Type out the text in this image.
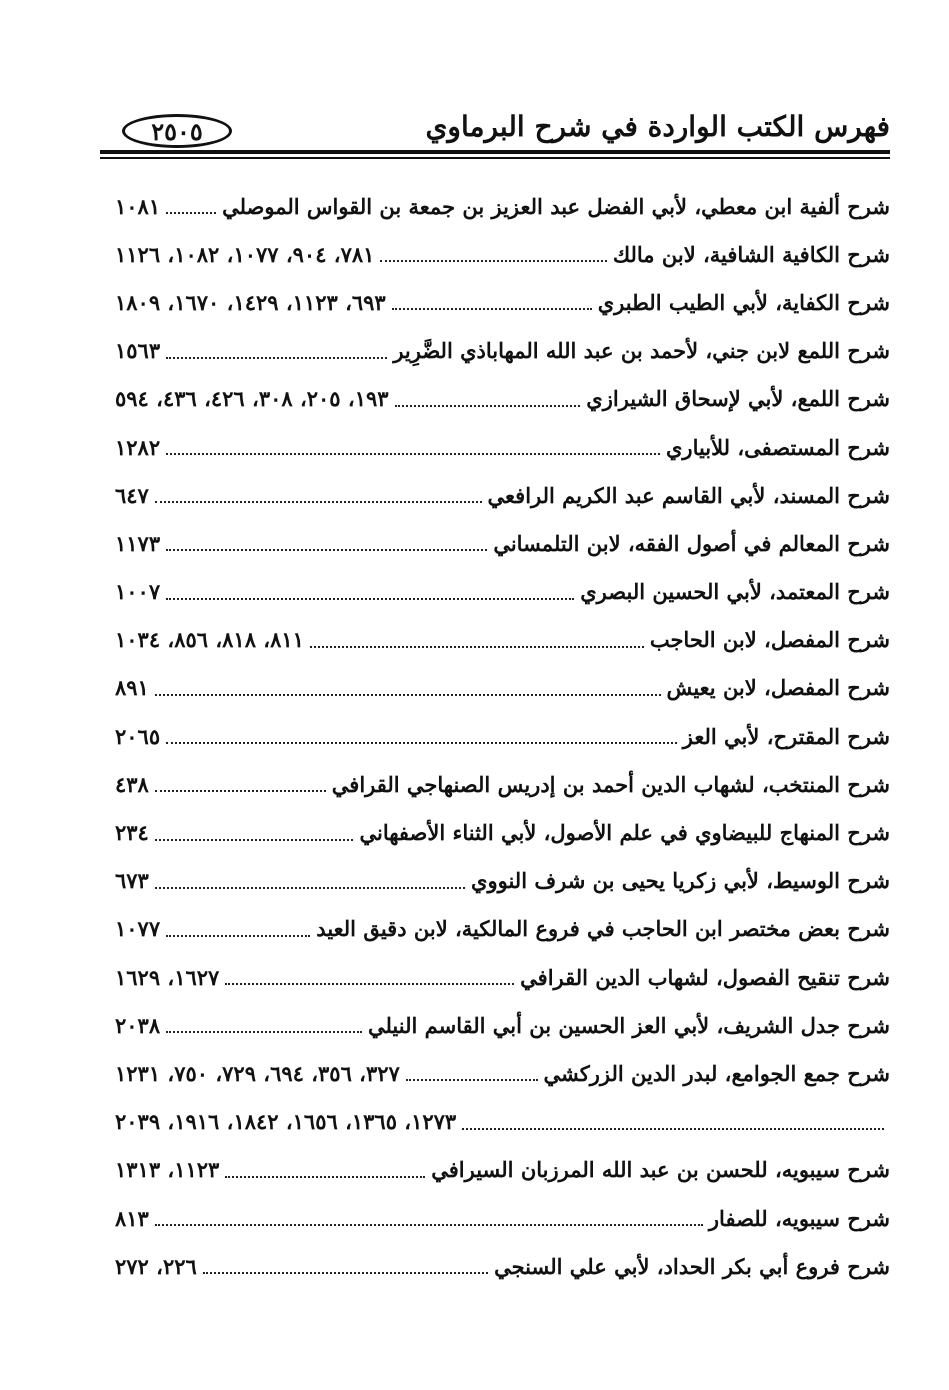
فهرس الكتب الواردة في شرح البرماوي
٢٥٠٥
شرح ألفية ابن معطي، لأبي الفضل عبد العزيز بن جمعة بن القواس الموصلي
١٠٨١
شرح الكافية الشافية، لابن مالك
٧٨١، ٩٠٤، ١٠٧٧، ١٠٨٢، ١١٢٦
شرح الكفاية، لأبي الطيب الطبري
٦٩٣، ١١٢٣، ١٤٢٩، ١٦٧٠، ١٨٠٩
شرح اللمع لابن جني، لأحمد بن عبد الله المهاباذي الضَّرِير
١٥٦٣
شرح اللمع، لأبي لإسحاق الشيرازي
١٩٣، ٢٠٥، ٣٠٨، ٤٢٦، ٤٣٦، ٥٩٤
شرح المستصفى، للأبياري
١٢٨٢
شرح المسند، لأبي القاسم عبد الكريم الرافعي
٦٤٧
شرح المعالم في أصول الفقه، لابن التلمساني
١١٧٣
شرح المعتمد، لأبي الحسين البصري
١٠٠٧
شرح المفصل، لابن الحاجب
٨١١، ٨١٨، ٨٥٦، ١٠٣٤
شرح المفصل، لابن يعيش
٨٩١
شرح المقترح، لأبي العز
٢٠٦٥
شرح المنتخب، لشهاب الدين أحمد بن إدريس الصنهاجي القرافي
٤٣٨
شرح المنهاج للبيضاوي في علم الأصول، لأبي الثناء الأصفهاني
٢٣٤
شرح الوسيط، لأبي زكريا يحيى بن شرف النووي
٦٧٣
شرح بعض مختصر ابن الحاجب في فروع المالكية، لابن دقيق العيد
١٠٧٧
شرح تنقيح الفصول، لشهاب الدين القرافي
١٦٢٧، ١٦٢٩
شرح جدل الشريف، لأبي العز الحسين بن أبي القاسم النيلي
٢٠٣٨
شرح جمع الجوامع، لبدر الدين الزركشي
٣٢٧، ٣٥٦، ٦٩٤، ٧٢٩، ٧٥٠، ١٢٣١
١٢٧٣، ١٣٦٥، ١٦٥٦، ١٨٤٢، ١٩١٦، ٢٠٣٩
شرح سيبويه، للحسن بن عبد الله المرزبان السيرافي
١١٢٣، ١٣١٣
شرح سيبويه، للصفار
٨١٣
شرح فروع أبي بكر الحداد، لأبي علي السنجي
٢٢٦، ٢٧٢
